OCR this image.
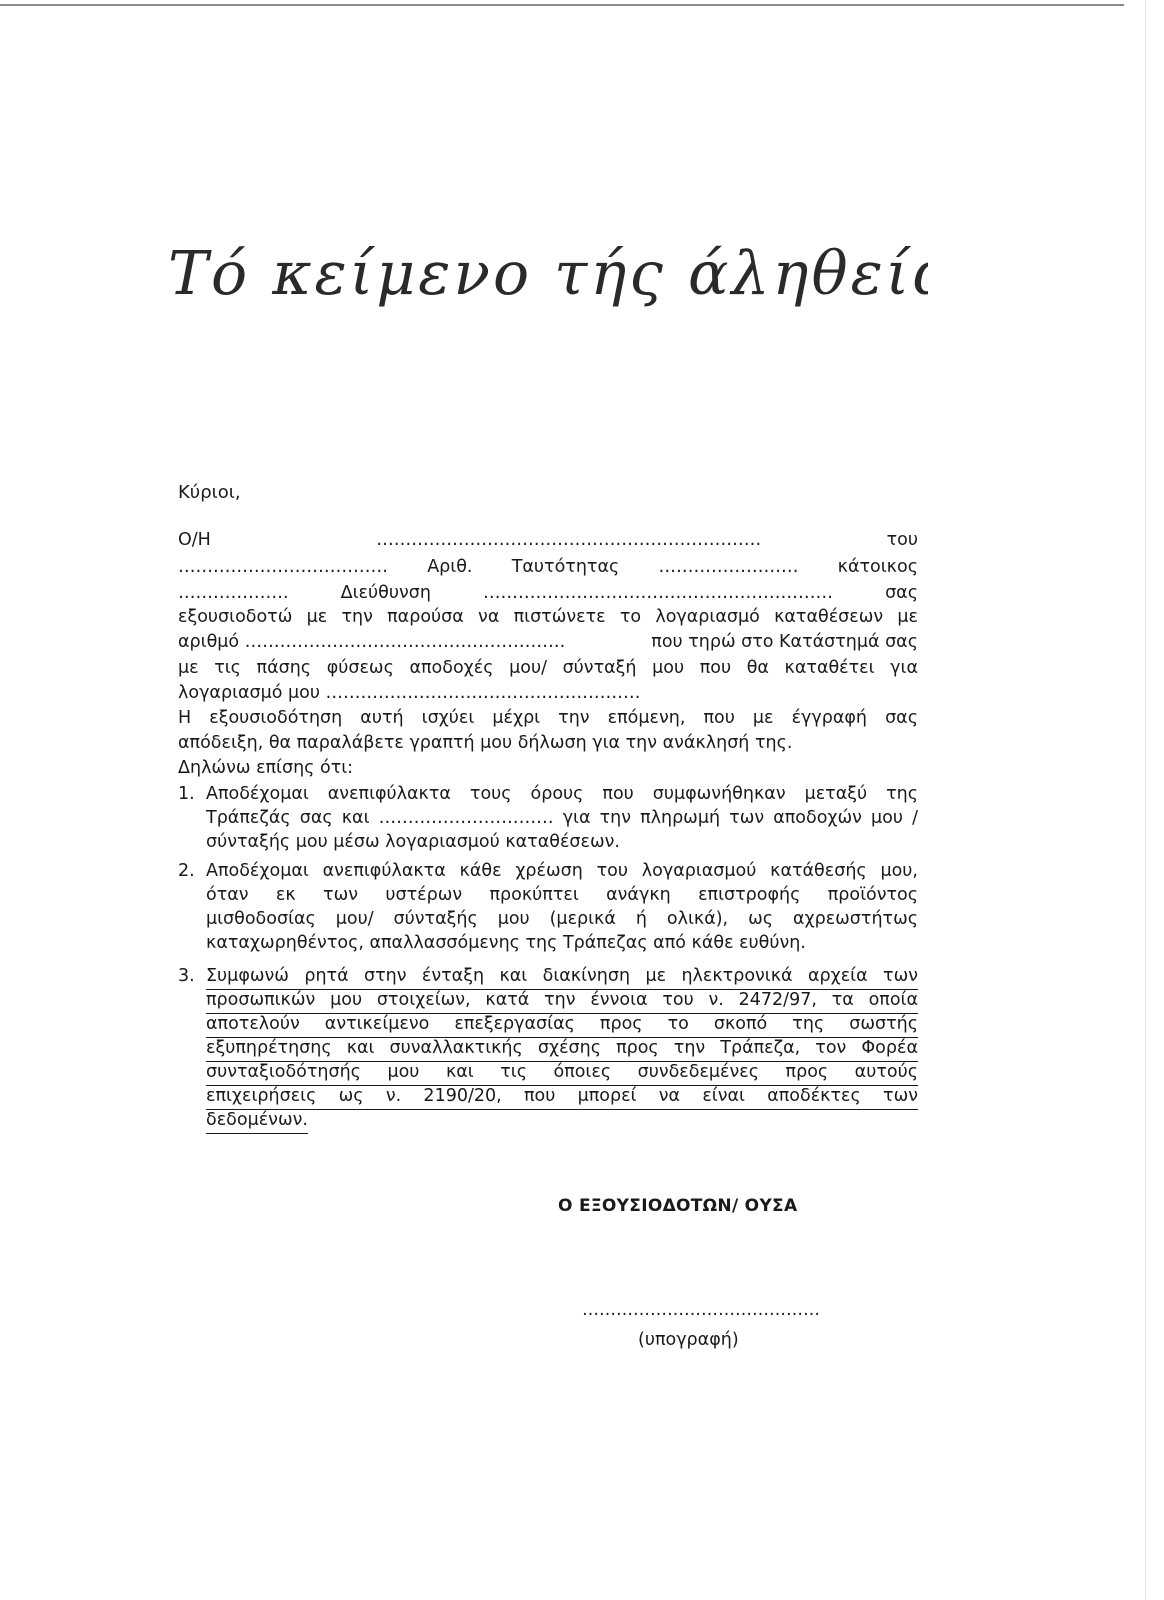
Τό κείμενο τής άληθείας
Κύριοι,
Ο/Η	…………………………………………………………	του
……………………………… Αριθ. Ταυτότητας …………………… κάτοικος
……………….	Διεύθυνση	……………………………………………………	σας
εξουσιοδοτώ με την παρούσα να πιστώνετε το λογαριασμό καταθέσεων με
αριθμό ……………………………………………….	που τηρώ στο Κατάστημά σας
με τις πάσης φύσεως αποδοχές μου/ σύνταξή μου που θα καταθέτει για
λογαριασμό μου ………………………………………………
Η εξουσιοδότηση αυτή ισχύει μέχρι την επόμενη, που με έγγραφή σας
απόδειξη, θα παραλάβετε γραπτή μου δήλωση για την ανάκλησή της.
Δηλώνω επίσης ότι:
1. Αποδέχομαι ανεπιφύλακτα τους όρους που συμφωνήθηκαν μεταξύ της
Τράπεζάς σας και ………………………… για την πληρωμή των αποδοχών μου /
σύνταξής μου μέσω λογαριασμού καταθέσεων.
2. Αποδέχομαι ανεπιφύλακτα κάθε χρέωση του λογαριασμού κατάθεσής μου,
όταν εκ των υστέρων προκύπτει ανάγκη επιστροφής προϊόντος
μισθοδοσίας μου/ σύνταξής μου (μερικά ή ολικά), ως αχρεωστήτως
καταχωρηθέντος, απαλλασσόμενης της Τράπεζας από κάθε ευθύνη.
3. Συμφωνώ ρητά στην ένταξη και διακίνηση με ηλεκτρονικά αρχεία των
προσωπικών μου στοιχείων, κατά την έννοια του ν. 2472/97, τα οποία
αποτελούν αντικείμενο επεξεργασίας προς το σκοπό της σωστής
εξυπηρέτησης και συναλλακτικής σχέσης προς την Τράπεζα, τον Φορέα
συνταξιοδότησής μου και τις όποιες συνδεδεμένες προς αυτούς
επιχειρήσεις ως ν. 2190/20, που μπορεί να είναι αποδέκτες των
δεδομένων.
Ο ΕΞΟΥΣΙΟΔΟΤΩΝ/ ΟΥΣΑ
……………………………………
(υπογραφή)
